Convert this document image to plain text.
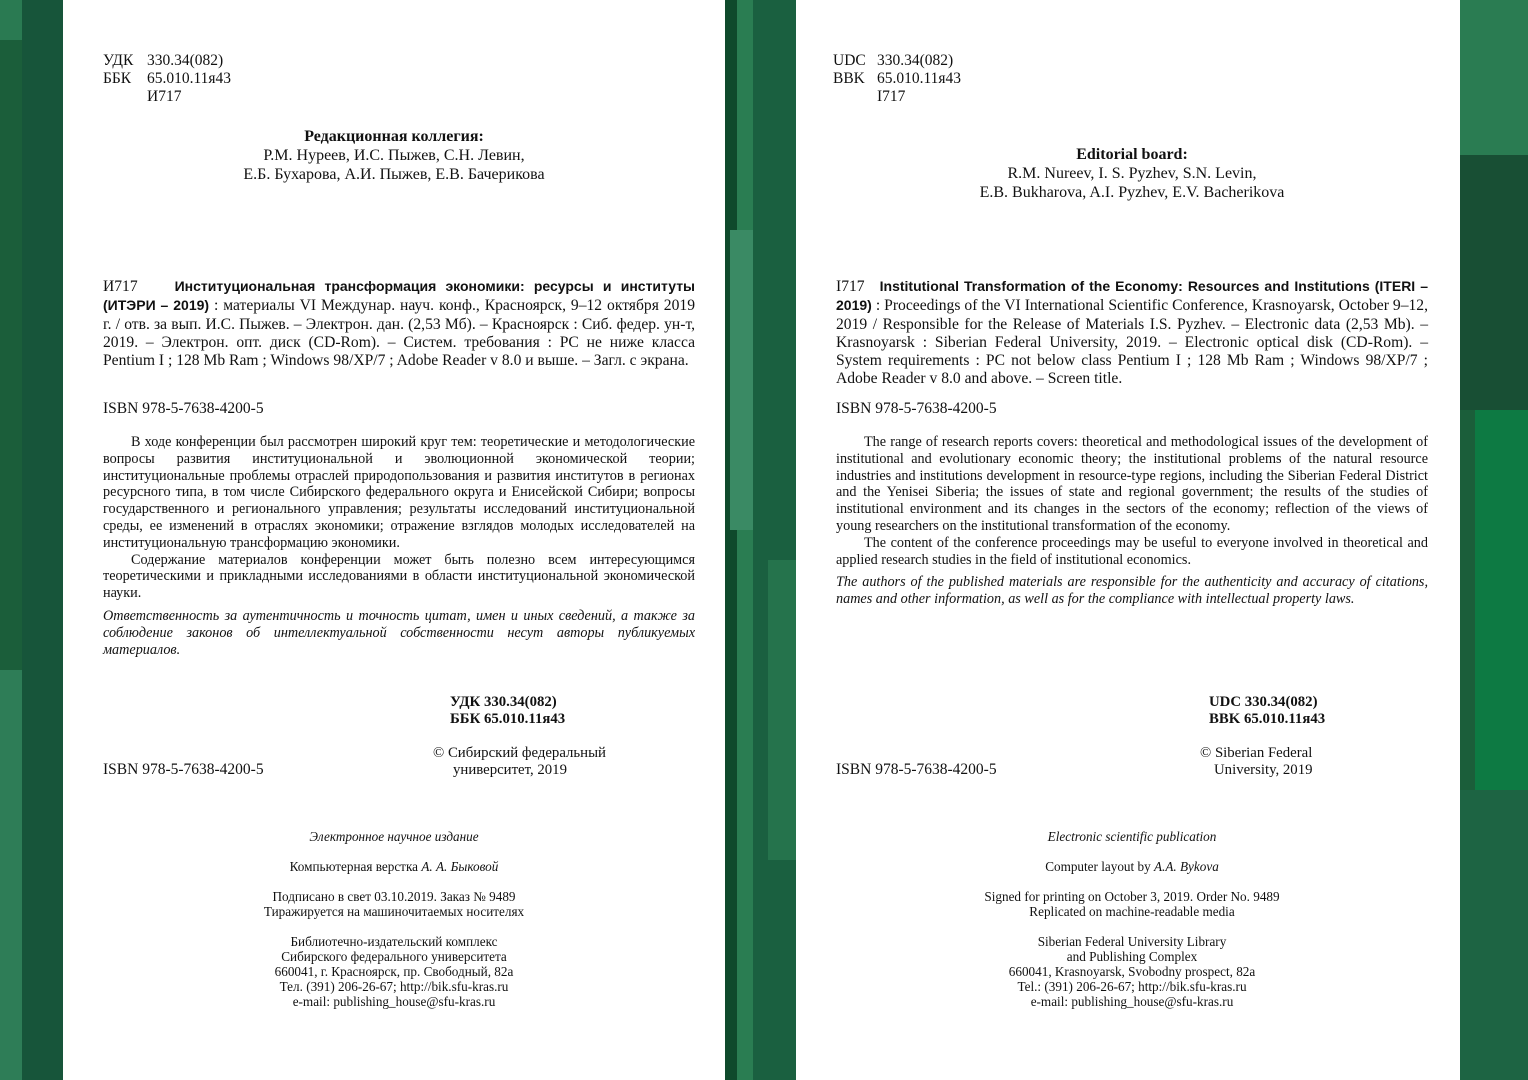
УДК 330.34(082)
ББК 65.010.11я43
И717
Редакционная коллегия:
Р.М. Нуреев, И.С. Пыжев, С.Н. Левин,
Е.Б. Бухарова, А.И. Пыжев, Е.В. Бачерикова
И717	Институциональная трансформация экономики: ресурсы и институты (ИТЭРИ – 2019) : материалы VI Междунар. науч. конф., Красноярск, 9–12 октября 2019 г. / отв. за вып. И.С. Пыжев. – Электрон. дан. (2,53 Мб). – Красноярск : Сиб. федер. ун-т, 2019. – Электрон. опт. диск (CD-Rom). – Систем. требования : PC не ниже класса Pentium I ; 128 Mb Ram ; Windows 98/XP/7 ; Adobe Reader v 8.0 и выше. – Загл. с экрана.
ISBN 978-5-7638-4200-5

В ходе конференции был рассмотрен широкий круг тем: теоретические и методологические вопросы развития институциональной и эволюционной экономической теории; институциональные проблемы отраслей природопользования и развития институтов в регионах ресурсного типа, в том числе Сибирского федерального округа и Енисейской Сибири; вопросы государственного и регионального управления; результаты исследований институциональной среды, ее изменений в отраслях экономики; отражение взглядов молодых исследователей на институциональную трансформацию экономики.

Содержание материалов конференции может быть полезно всем интересующимся теоретическими и прикладными исследованиями в области институциональной экономической науки.

Ответственность за аутентичность и точность цитат, имен и иных сведений, а также за соблюдение законов об интеллектуальной собственности несут авторы публикуемых материалов.

УДК 330.34(082)
ББК 65.010.11я43
ISBN 978-5-7638-4200-5
© Сибирский федеральный
университет, 2019
Электронное научное издание
Компьютерная верстка А. А. Быковой
Подписано в свет 03.10.2019. Заказ № 9489
Тиражируется на машиночитаемых носителях
Библиотечно-издательский комплекс
Сибирского федерального университета
660041, г. Красноярск, пр. Свободный, 82а
Тел. (391) 206-26-67; http://bik.sfu-kras.ru
e-mail: publishing_house@sfu-kras.ru
UDC 330.34(082)
BBK 65.010.11я43
I717
Editorial board:
R.M. Nureev, I. S. Pyzhev, S.N. Levin,
E.B. Bukharova, A.I. Pyzhev, E.V. Bacherikova
I717 Institutional Transformation of the Economy: Resources and Institutions (ITERI – 2019) : Proceedings of the VI International Scientific Conference, Krasnoyarsk, October 9–12, 2019 / Responsible for the Release of Materials I.S. Pyzhev. – Electronic data (2,53 Mb). – Krasnoyarsk : Siberian Federal University, 2019. – Electronic optical disk (CD-Rom). – System requirements : PC not below class Pentium I ; 128 Mb Ram ; Windows 98/XP/7 ; Adobe Reader v 8.0 and above. – Screen title.
ISBN 978-5-7638-4200-5

The range of research reports covers: theoretical and methodological issues of the development of institutional and evolutionary economic theory; the institutional problems of the natural resource industries and institutions development in resource-type regions, including the Siberian Federal District and the Yenisei Siberia; the issues of state and regional government; the results of the studies of institutional environment and its changes in the sectors of the economy; reflection of the views of young researchers on the institutional transformation of the economy.

The content of the conference proceedings may be useful to everyone involved in theoretical and applied research studies in the field of institutional economics.

The authors of the published materials are responsible for the authenticity and accuracy of citations, names and other information, as well as for the compliance with intellectual property laws.

UDC 330.34(082)
BBK 65.010.11я43
ISBN 978-5-7638-4200-5
© Siberian Federal
University, 2019
Electronic scientific publication
Computer layout by A.A. Bykova
Signed for printing on October 3, 2019. Order No. 9489
Replicated on machine-readable media
Siberian Federal University Library
and Publishing Complex
660041, Krasnoyarsk, Svobodny prospect, 82a
Tel.: (391) 206-26-67; http://bik.sfu-kras.ru
e-mail: publishing_house@sfu-kras.ru
